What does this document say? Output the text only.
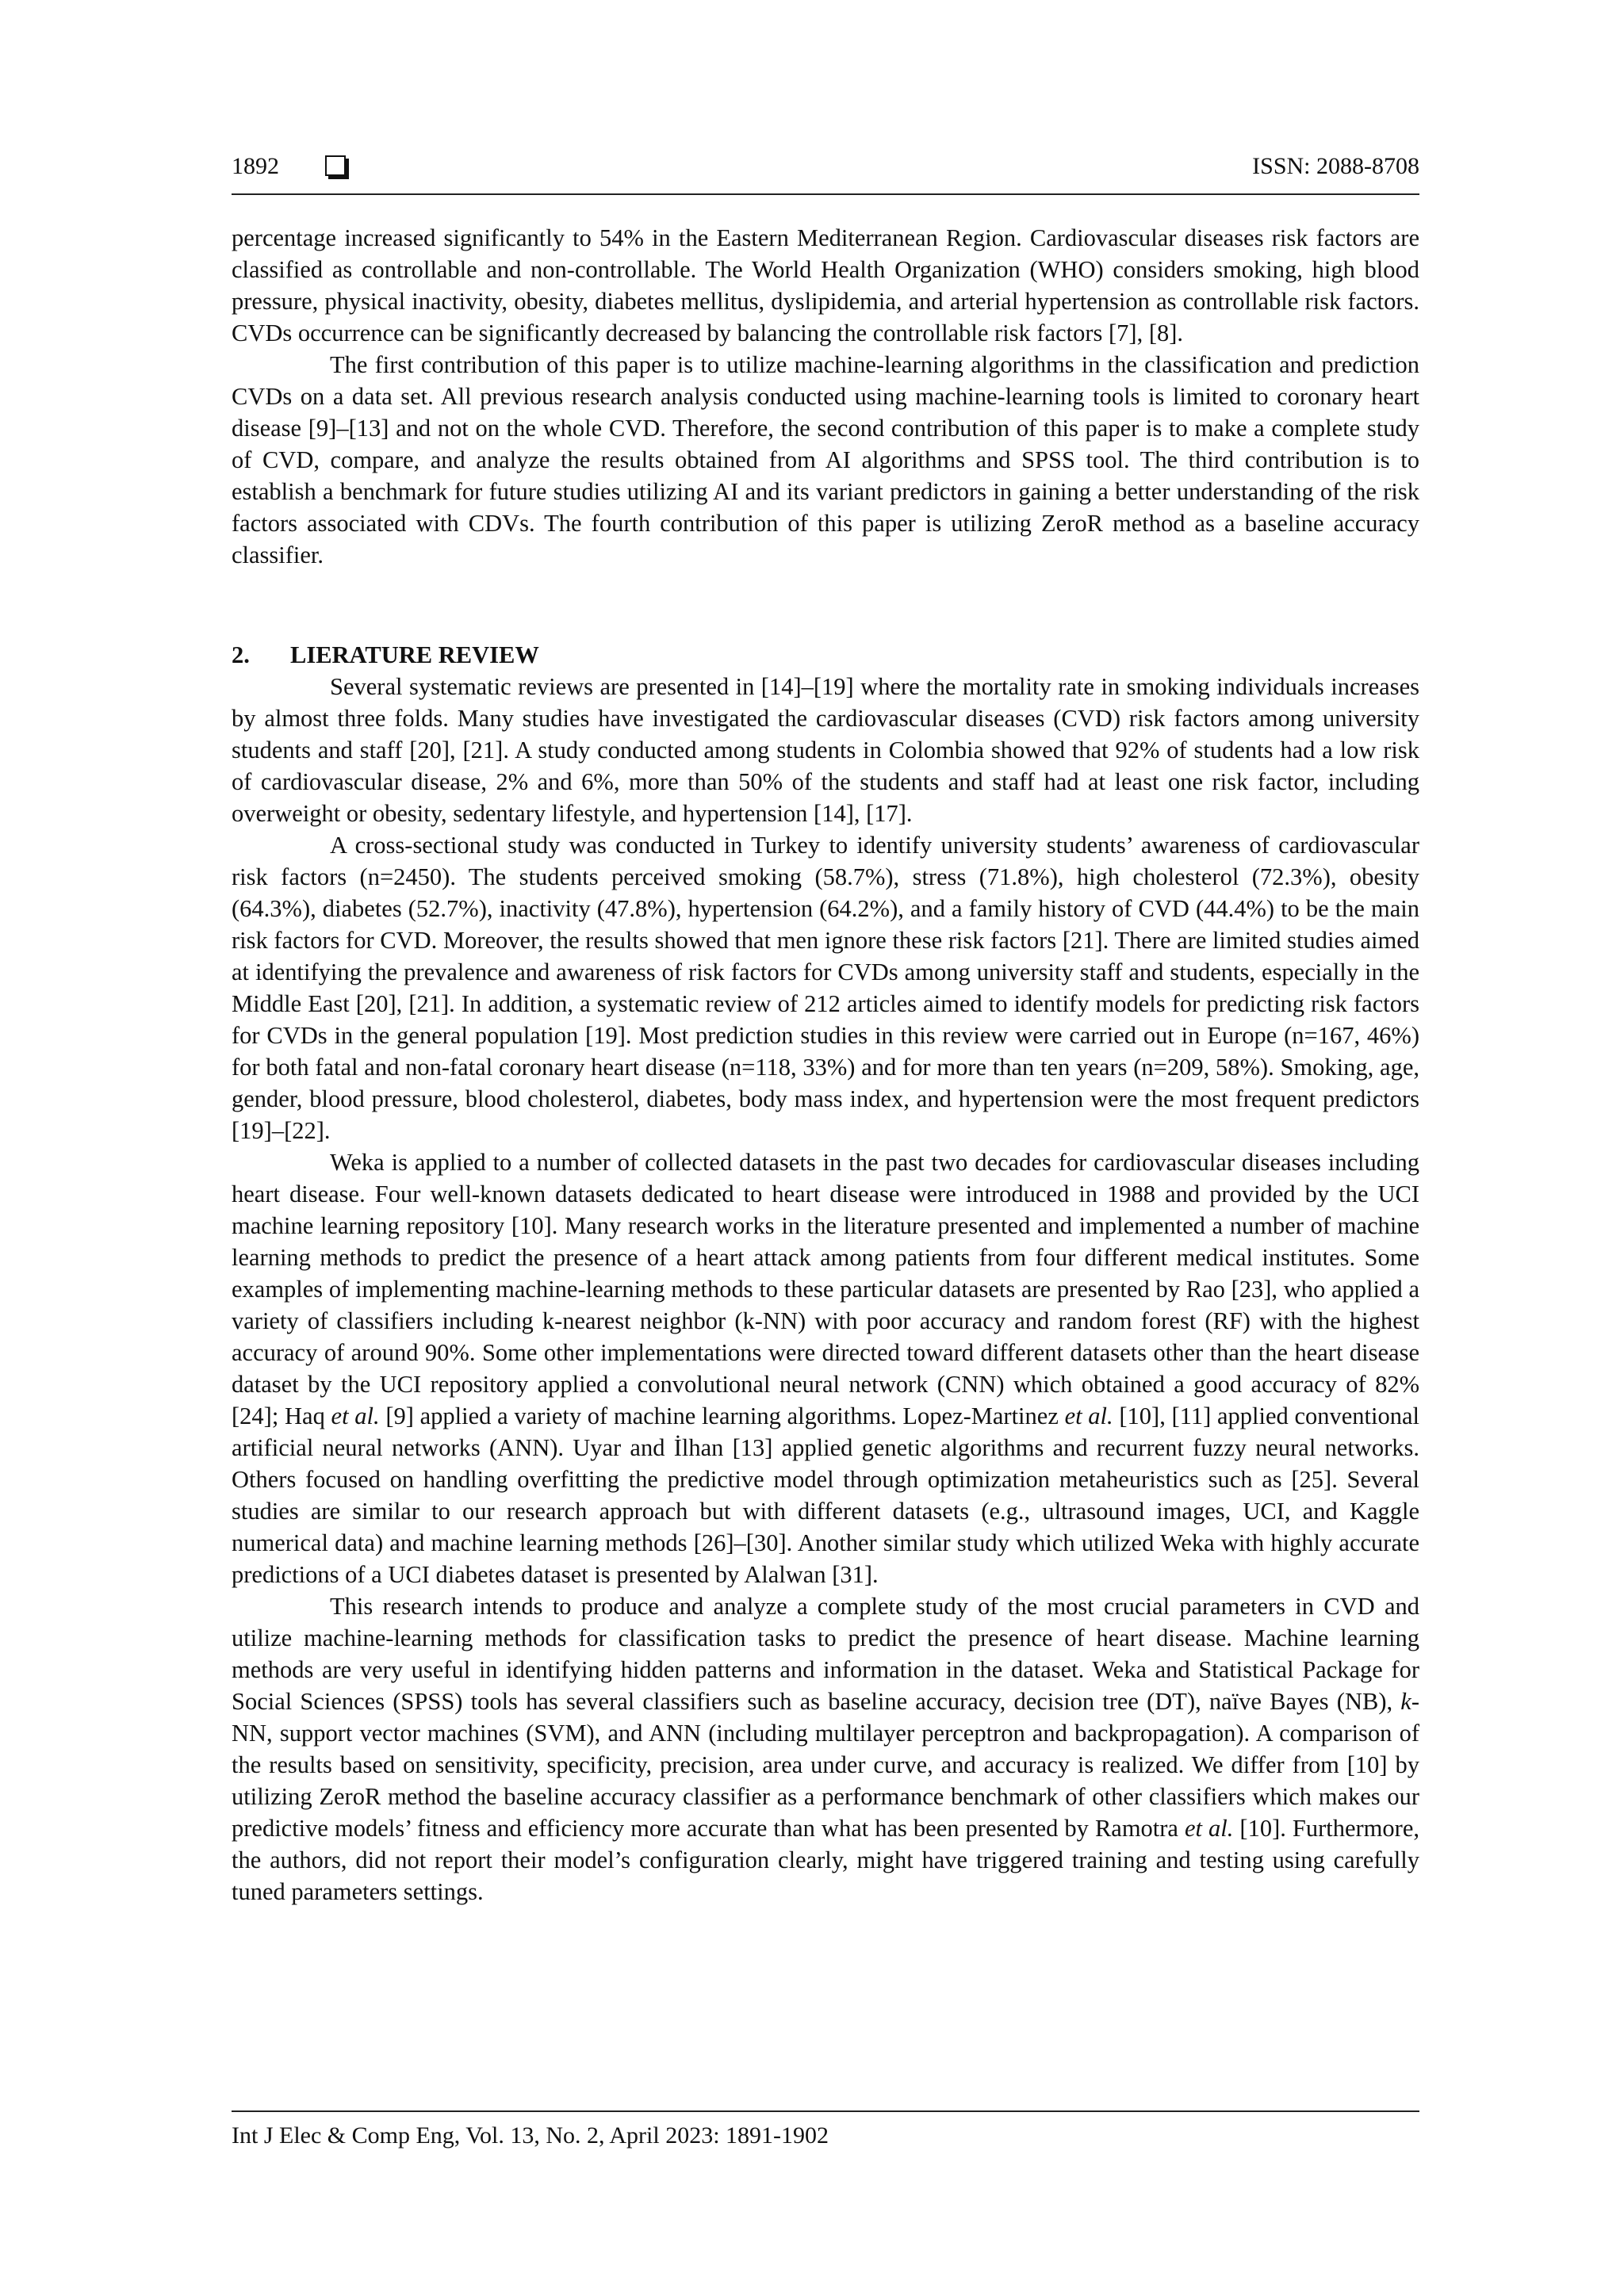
1892	ISSN: 2088-8708

percentage increased significantly to 54% in the Eastern Mediterranean Region. Cardiovascular diseases risk factors are classified as controllable and non-controllable. The World Health Organization (WHO) considers smoking, high blood pressure, physical inactivity, obesity, diabetes mellitus, dyslipidemia, and arterial hypertension as controllable risk factors. CVDs occurrence can be significantly decreased by balancing the controllable risk factors [7], [8].

The first contribution of this paper is to utilize machine-learning algorithms in the classification and prediction CVDs on a data set. All previous research analysis conducted using machine-learning tools is limited to coronary heart disease [9]–[13] and not on the whole CVD. Therefore, the second contribution of this paper is to make a complete study of CVD, compare, and analyze the results obtained from AI algorithms and SPSS tool. The third contribution is to establish a benchmark for future studies utilizing AI and its variant predictors in gaining a better understanding of the risk factors associated with CDVs. The fourth contribution of this paper is utilizing ZeroR method as a baseline accuracy classifier.

2. LIERATURE REVIEW

Several systematic reviews are presented in [14]–[19] where the mortality rate in smoking individuals increases by almost three folds. Many studies have investigated the cardiovascular diseases (CVD) risk factors among university students and staff [20], [21]. A study conducted among students in Colombia showed that 92% of students had a low risk of cardiovascular disease, 2% and 6%, more than 50% of the students and staff had at least one risk factor, including overweight or obesity, sedentary lifestyle, and hypertension [14], [17].

A cross-sectional study was conducted in Turkey to identify university students’ awareness of cardiovascular risk factors (n=2450). The students perceived smoking (58.7%), stress (71.8%), high cholesterol (72.3%), obesity (64.3%), diabetes (52.7%), inactivity (47.8%), hypertension (64.2%), and a family history of CVD (44.4%) to be the main risk factors for CVD. Moreover, the results showed that men ignore these risk factors [21]. There are limited studies aimed at identifying the prevalence and awareness of risk factors for CVDs among university staff and students, especially in the Middle East [20], [21]. In addition, a systematic review of 212 articles aimed to identify models for predicting risk factors for CVDs in the general population [19]. Most prediction studies in this review were carried out in Europe (n=167, 46%) for both fatal and non-fatal coronary heart disease (n=118, 33%) and for more than ten years (n=209, 58%). Smoking, age, gender, blood pressure, blood cholesterol, diabetes, body mass index, and hypertension were the most frequent predictors [19]–[22].

Weka is applied to a number of collected datasets in the past two decades for cardiovascular diseases including heart disease. Four well-known datasets dedicated to heart disease were introduced in 1988 and provided by the UCI machine learning repository [10]. Many research works in the literature presented and implemented a number of machine learning methods to predict the presence of a heart attack among patients from four different medical institutes. Some examples of implementing machine-learning methods to these particular datasets are presented by Rao [23], who applied a variety of classifiers including k-nearest neighbor (k-NN) with poor accuracy and random forest (RF) with the highest accuracy of around 90%. Some other implementations were directed toward different datasets other than the heart disease dataset by the UCI repository applied a convolutional neural network (CNN) which obtained a good accuracy of 82% [24]; Haq et al. [9] applied a variety of machine learning algorithms. Lopez-Martinez et al. [10], [11] applied conventional artificial neural networks (ANN). Uyar and İlhan [13] applied genetic algorithms and recurrent fuzzy neural networks. Others focused on handling overfitting the predictive model through optimization metaheuristics such as [25]. Several studies are similar to our research approach but with different datasets (e.g., ultrasound images, UCI, and Kaggle numerical data) and machine learning methods [26]–[30]. Another similar study which utilized Weka with highly accurate predictions of a UCI diabetes dataset is presented by Alalwan [31].

This research intends to produce and analyze a complete study of the most crucial parameters in CVD and utilize machine-learning methods for classification tasks to predict the presence of heart disease. Machine learning methods are very useful in identifying hidden patterns and information in the dataset. Weka and Statistical Package for Social Sciences (SPSS) tools has several classifiers such as baseline accuracy, decision tree (DT), naïve Bayes (NB), k-NN, support vector machines (SVM), and ANN (including multilayer perceptron and backpropagation). A comparison of the results based on sensitivity, specificity, precision, area under curve, and accuracy is realized. We differ from [10] by utilizing ZeroR method the baseline accuracy classifier as a performance benchmark of other classifiers which makes our predictive models’ fitness and efficiency more accurate than what has been presented by Ramotra et al. [10]. Furthermore, the authors, did not report their model’s configuration clearly, might have triggered training and testing using carefully tuned parameters settings.

Int J Elec & Comp Eng, Vol. 13, No. 2, April 2023: 1891-1902
